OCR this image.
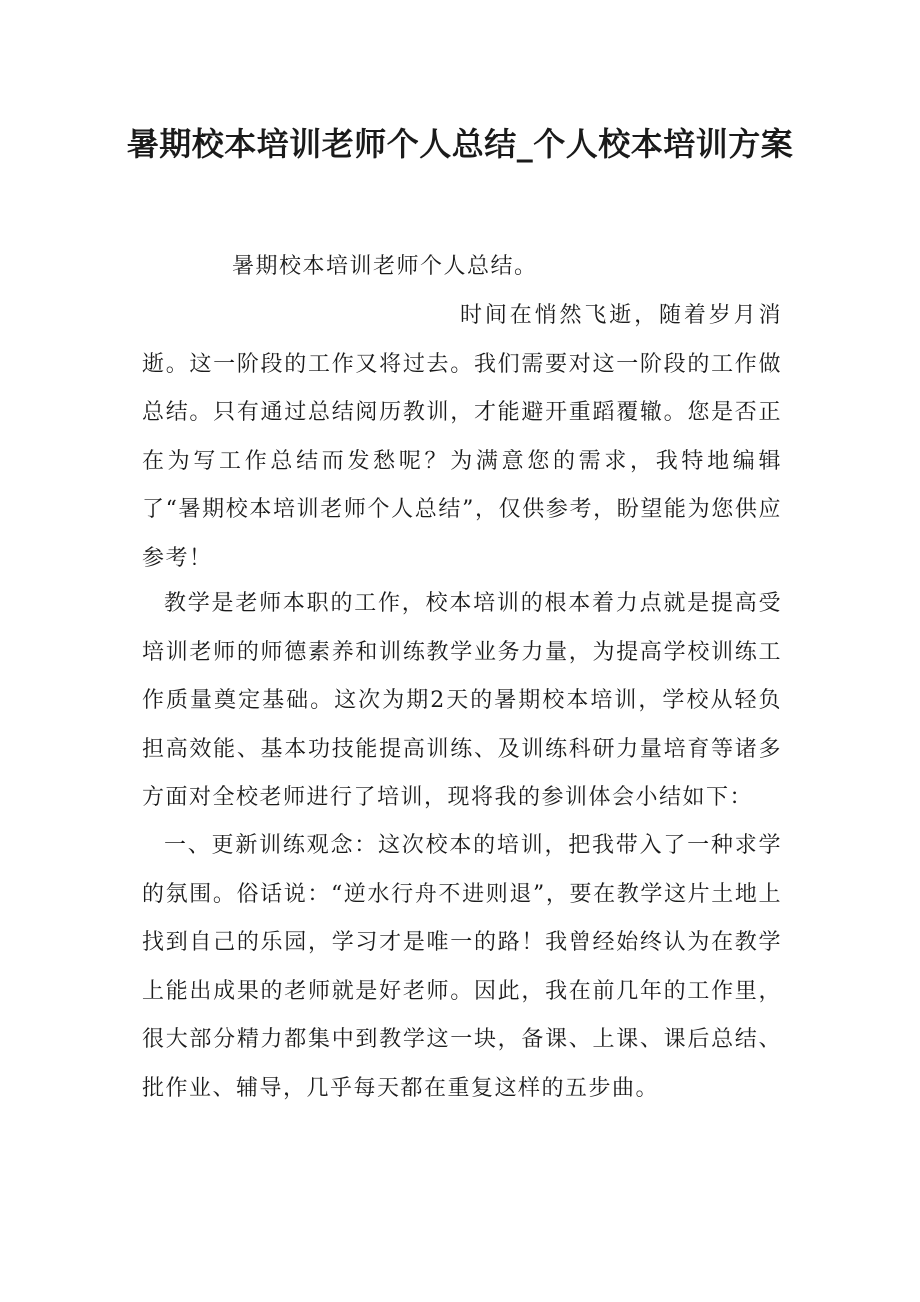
暑期校本培训老师个人总结_个人校本培训方案

暑期校本培训老师个人总结。

时间在悄然飞逝，随着岁月消逝。这一阶段的工作又将过去。我们需要对这一阶段的工作做总结。只有通过总结阅历教训，才能避开重蹈覆辙。您是否正在为写工作总结而发愁呢？为满意您的需求，我特地编辑了“暑期校本培训老师个人总结”，仅供参考，盼望能为您供应参考！

教学是老师本职的工作，校本培训的根本着力点就是提高受培训老师的师德素养和训练教学业务力量，为提高学校训练工作质量奠定基础。这次为期2天的暑期校本培训，学校从轻负担高效能、基本功技能提高训练、及训练科研力量培育等诸多方面对全校老师进行了培训，现将我的参训体会小结如下：

一、更新训练观念：这次校本的培训，把我带入了一种求学的氛围。俗话说：“逆水行舟不进则退”，要在教学这片土地上找到自己的乐园，学习才是唯一的路！我曾经始终认为在教学上能出成果的老师就是好老师。因此，我在前几年的工作里，很大部分精力都集中到教学这一块，备课、上课、课后总结、批作业、辅导，几乎每天都在重复这样的五步曲。
